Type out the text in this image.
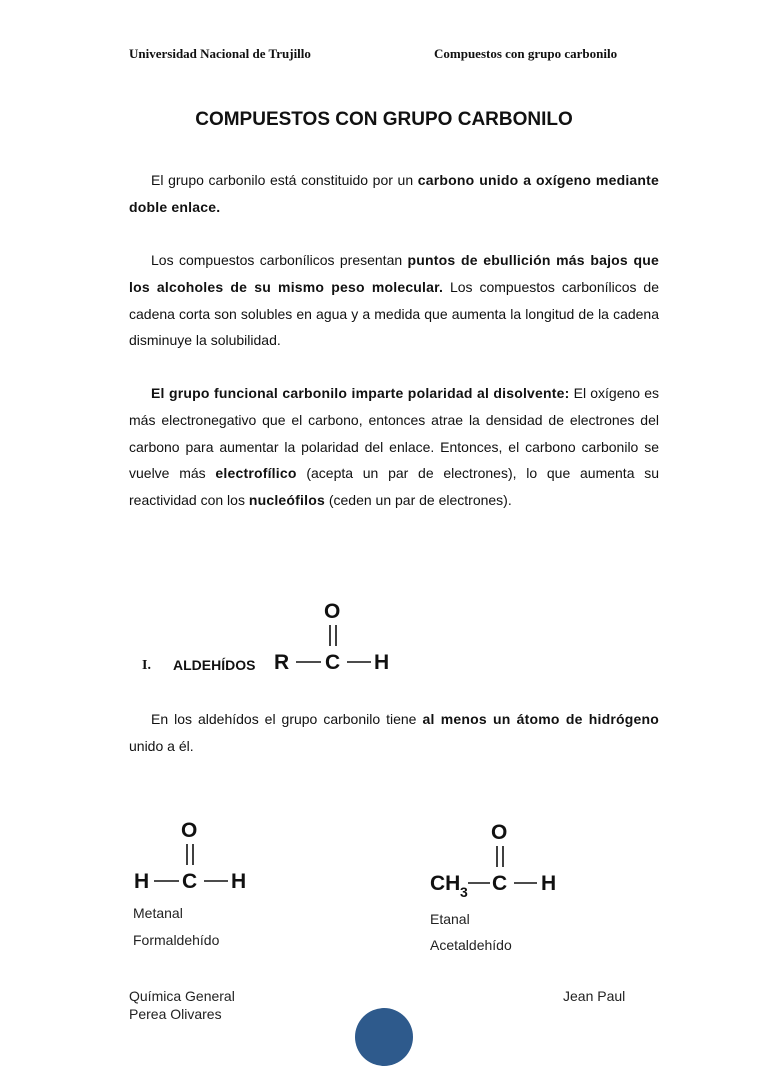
Universidad Nacional de Trujillo	Compuestos con grupo carbonilo
COMPUESTOS CON GRUPO CARBONILO

El grupo carbonilo está constituido por un carbono unido a oxígeno mediante doble enlace.

Los compuestos carbonílicos presentan puntos de ebullición más bajos que los alcoholes de su mismo peso molecular. Los compuestos carbonílicos de cadena corta son solubles en agua y a medida que aumenta la longitud de la cadena disminuye la solubilidad.

El grupo funcional carbonilo imparte polaridad al disolvente: El oxígeno es más electronegativo que el carbono, entonces atrae la densidad de electrones del carbono para aumentar la polaridad del enlace. Entonces, el carbono carbonilo se vuelve más electrofílico (acepta un par de electrones), lo que aumenta su reactividad con los nucleófilos (ceden un par de electrones).

I. ALDEHÍDOS
O
R C H

En los aldehídos el grupo carbonilo tiene al menos un átomo de hidrógeno unido a él.

O
H C H
Metanal
Formaldehído
O
CH 3 C H
Etanal
Acetaldehído
Química General
Perea Olivares
Jean Paul
